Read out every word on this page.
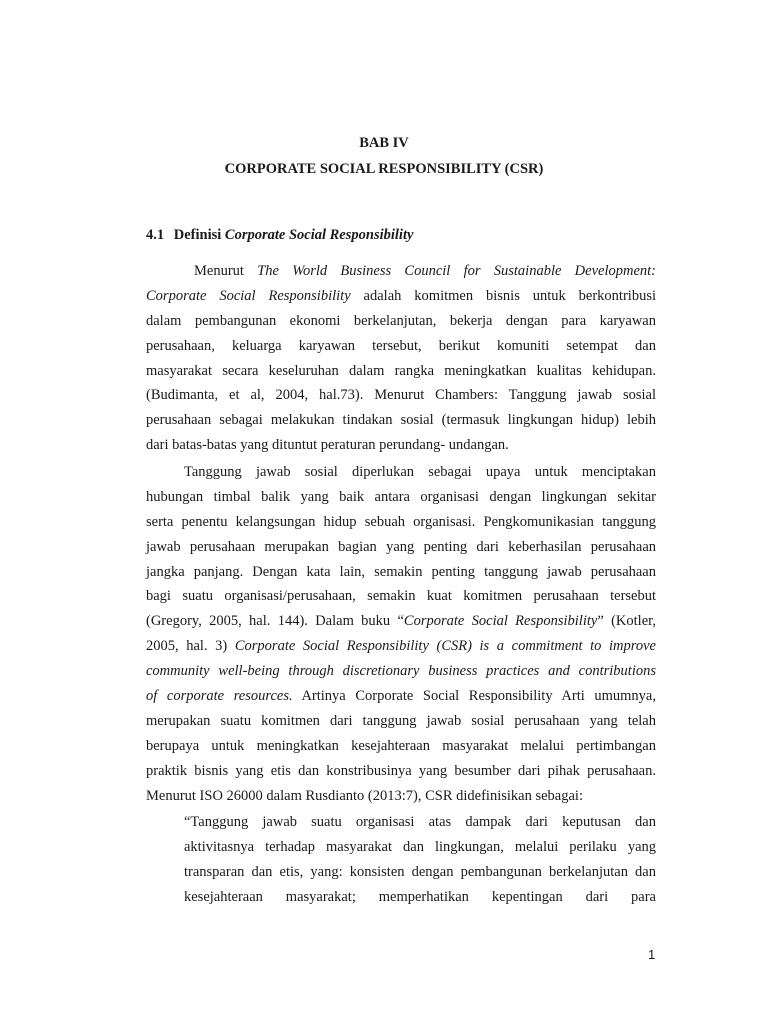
BAB IV
CORPORATE SOCIAL RESPONSIBILITY (CSR)
4.1 Definisi Corporate Social Responsibility
Menurut The World Business Council for Sustainable Development:
Corporate Social Responsibility adalah komitmen bisnis untuk berkontribusi
dalam pembangunan ekonomi berkelanjutan, bekerja dengan para karyawan
perusahaan, keluarga karyawan tersebut, berikut komuniti setempat dan
masyarakat secara keseluruhan dalam rangka meningkatkan kualitas kehidupan.
(Budimanta, et al, 2004, hal.73). Menurut Chambers: Tanggung jawab sosial
perusahaan sebagai melakukan tindakan sosial (termasuk lingkungan hidup) lebih
dari batas-batas yang dituntut peraturan perundang- undangan.
Tanggung jawab sosial diperlukan sebagai upaya untuk menciptakan
hubungan timbal balik yang baik antara organisasi dengan lingkungan sekitar
serta penentu kelangsungan hidup sebuah organisasi. Pengkomunikasian tanggung
jawab perusahaan merupakan bagian yang penting dari keberhasilan perusahaan
jangka panjang. Dengan kata lain, semakin penting tanggung jawab perusahaan
bagi suatu organisasi/perusahaan, semakin kuat komitmen perusahaan tersebut
(Gregory, 2005, hal. 144). Dalam buku “Corporate Social Responsibility” (Kotler,
2005, hal. 3) Corporate Social Responsibility (CSR) is a commitment to improve
community well-being through discretionary business practices and contributions
of corporate resources. Artinya Corporate Social Responsibility Arti umumnya,
merupakan suatu komitmen dari tanggung jawab sosial perusahaan yang telah
berupaya untuk meningkatkan kesejahteraan masyarakat melalui pertimbangan
praktik bisnis yang etis dan konstribusinya yang besumber dari pihak perusahaan.
Menurut ISO 26000 dalam Rusdianto (2013:7), CSR didefinisikan sebagai:
“Tanggung jawab suatu organisasi atas dampak dari keputusan dan
aktivitasnya terhadap masyarakat dan lingkungan, melalui perilaku yang
transparan dan etis, yang: konsisten dengan pembangunan berkelanjutan dan
kesejahteraan masyarakat; memperhatikan kepentingan dari para
1
